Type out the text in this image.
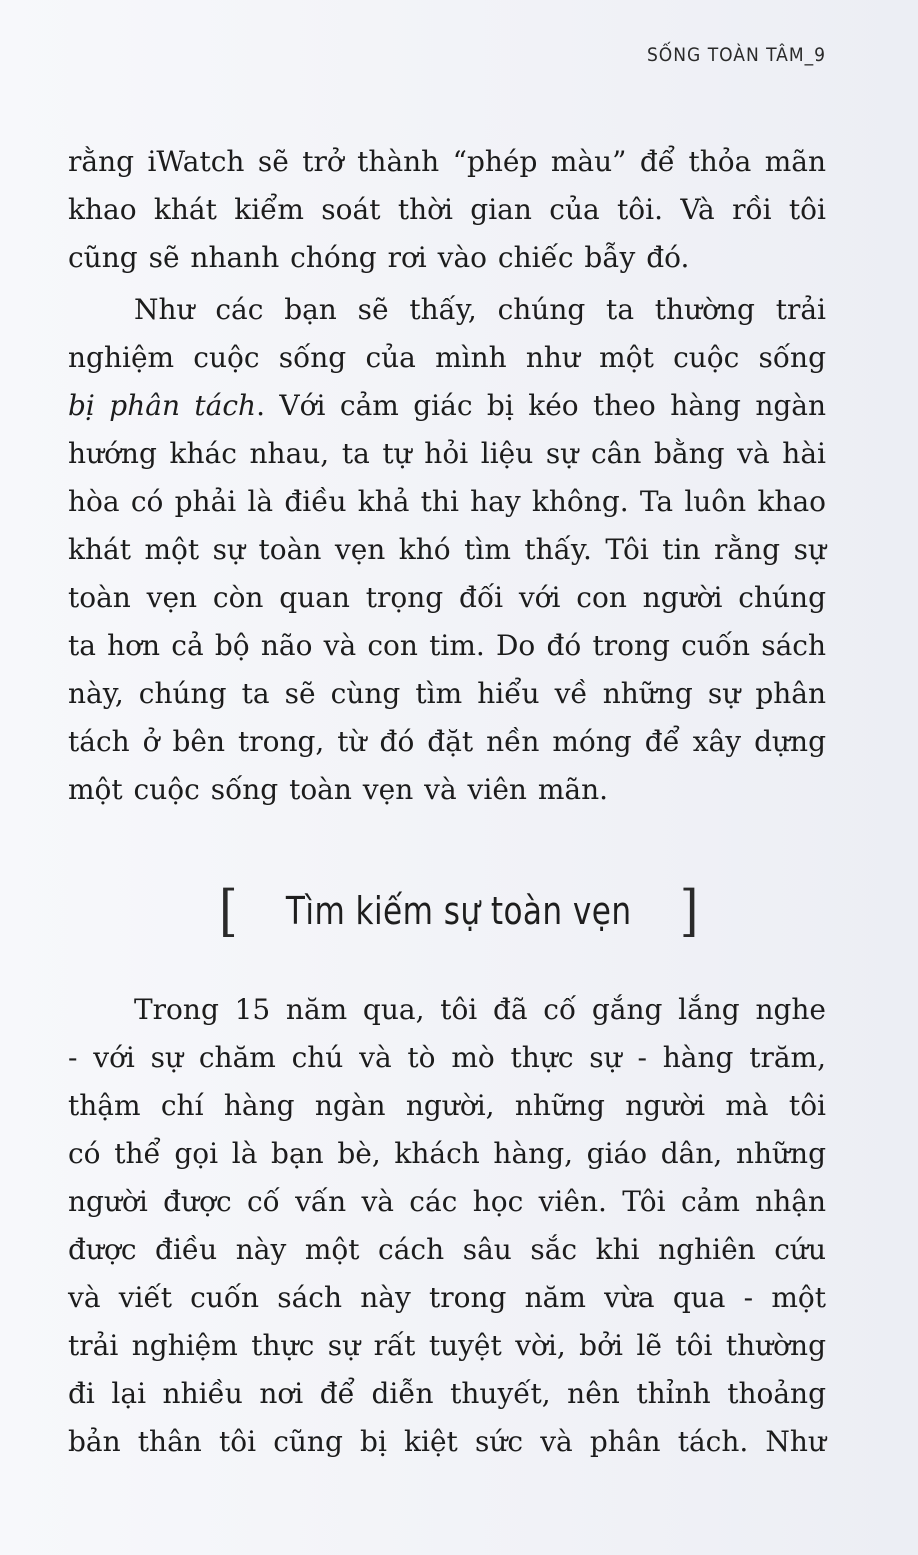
SỐNG TOÀN TÂM_9
rằng iWatch sẽ trở thành “phép màu” để thỏa mãn
khao khát kiểm soát thời gian của tôi. Và rồi tôi
cũng sẽ nhanh chóng rơi vào chiếc bẫy đó.
Như các bạn sẽ thấy, chúng ta thường trải
nghiệm cuộc sống của mình như một cuộc sống
bị phân tách. Với cảm giác bị kéo theo hàng ngàn
hướng khác nhau, ta tự hỏi liệu sự cân bằng và hài
hòa có phải là điều khả thi hay không. Ta luôn khao
khát một sự toàn vẹn khó tìm thấy. Tôi tin rằng sự
toàn vẹn còn quan trọng đối với con người chúng
ta hơn cả bộ não và con tim. Do đó trong cuốn sách
này, chúng ta sẽ cùng tìm hiểu về những sự phân
tách ở bên trong, từ đó đặt nền móng để xây dựng
một cuộc sống toàn vẹn và viên mãn.
[ Tìm kiếm sự toàn vẹn ]
Trong 15 năm qua, tôi đã cố gắng lắng nghe
- với sự chăm chú và tò mò thực sự - hàng trăm,
thậm chí hàng ngàn người, những người mà tôi
có thể gọi là bạn bè, khách hàng, giáo dân, những
người được cố vấn và các học viên. Tôi cảm nhận
được điều này một cách sâu sắc khi nghiên cứu
và viết cuốn sách này trong năm vừa qua - một
trải nghiệm thực sự rất tuyệt vời, bởi lẽ tôi thường
đi lại nhiều nơi để diễn thuyết, nên thỉnh thoảng
bản thân tôi cũng bị kiệt sức và phân tách. Như
